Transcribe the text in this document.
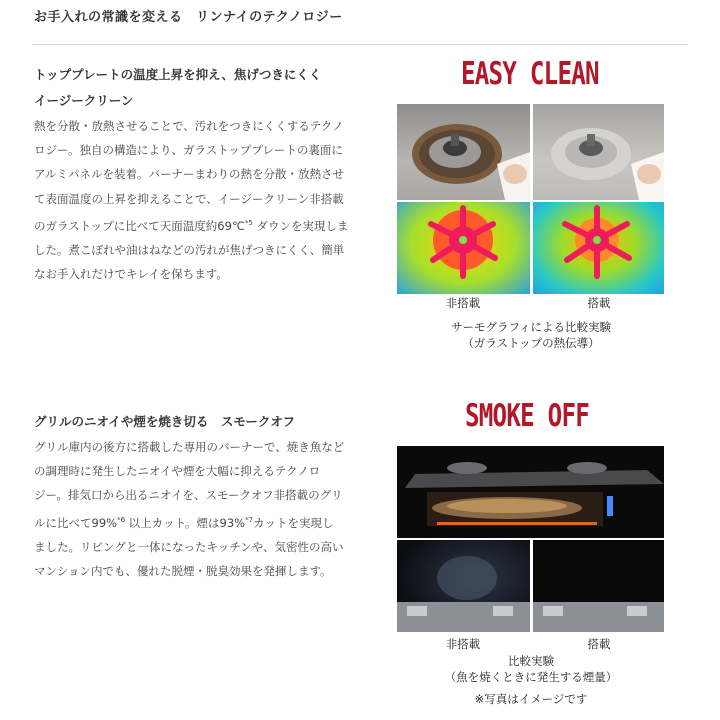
お手入れの常識を変える　リンナイのテクノロジー
トッププレートの温度上昇を抑え、焦げつきにくく
イージークリーン
熱を分散・放熱させることで、汚れをつきにくくするテクノ
ロジー。独自の構造により、ガラストッププレートの裏面に
アルミパネルを装着。バーナーまわりの熱を分散・放熱させ
て表面温度の上昇を抑えることで、イージークリーン非搭載
のガラストップに比べて天面温度約69℃$^{*5}$ ダウンを実現しま
した。煮こぼれや油はねなどの汚れが焦げつきにくく、簡単
なお手入れだけでキレイを保ちます。
EASY CLEAN
非搭載	搭載
サーモグラフィによる比較実験
（ガラストップの熱伝導）
グリルのニオイや煙を焼き切る　スモークオフ
グリル庫内の後方に搭載した専用のバーナーで、焼き魚など
の調理時に発生したニオイや煙を大幅に抑えるテクノロ
ジー。排気口から出るニオイを、スモークオフ非搭載のグリ
ルに比べて99%$^{*6}$ 以上カット。煙は93%$^{*7}$カットを実現し
ました。リビングと一体になったキッチンや、気密性の高い
マンション内でも、優れた脱煙・脱臭効果を発揮します。
SMOKE OFF
非搭載	搭載
比較実験
（魚を焼くときに発生する煙量）
※写真はイメージです
